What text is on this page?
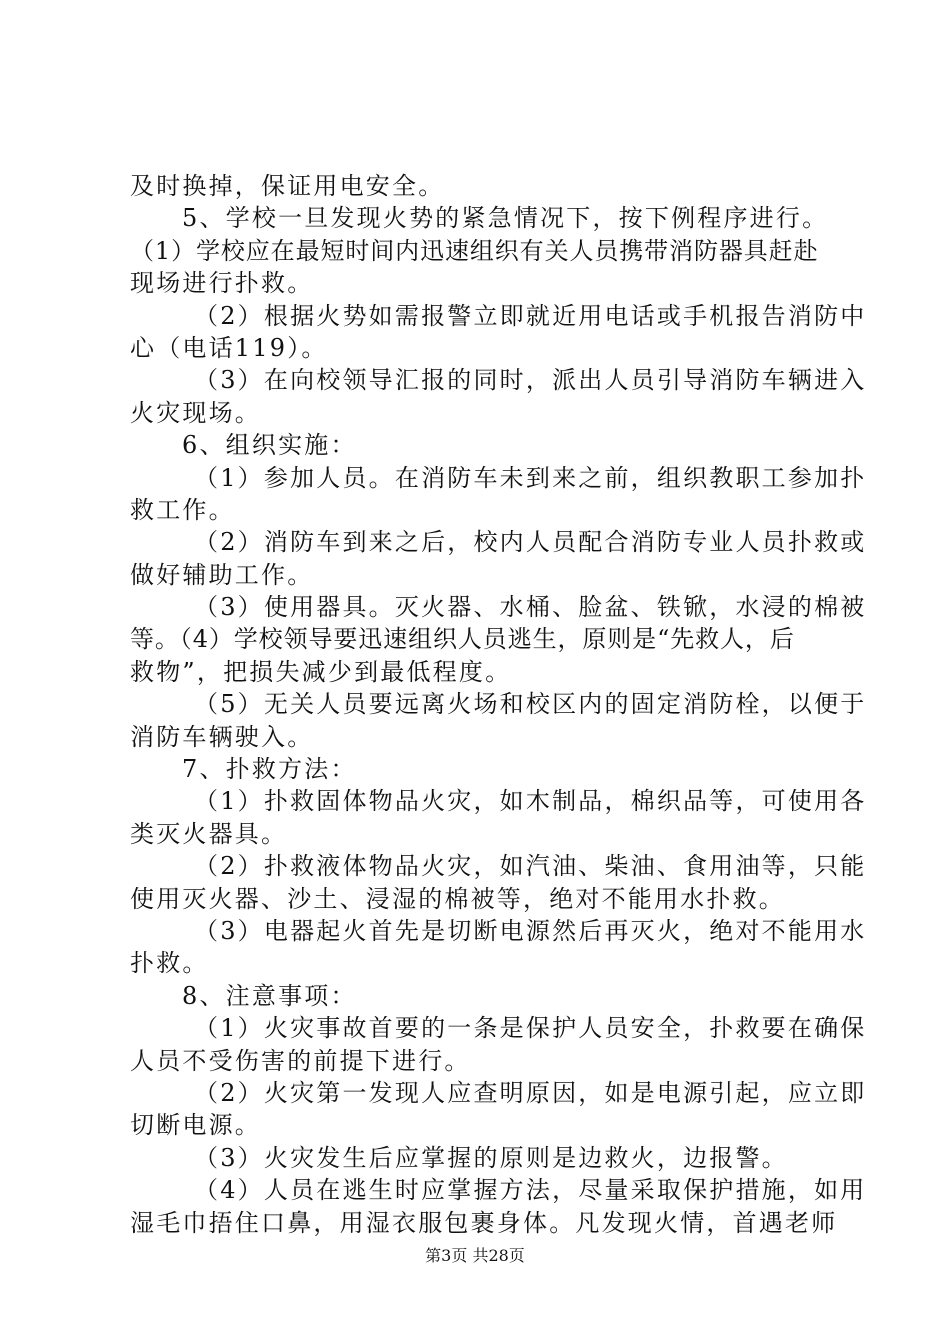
及时换掉，保证用电安全。
5、学校一旦发现火势的紧急情况下，按下例程序进行。
（1）学校应在最短时间内迅速组织有关人员携带消防器具赶赴
现场进行扑救。
（2）根据火势如需报警立即就近用电话或手机报告消防中
心（电话119）。
（3）在向校领导汇报的同时，派出人员引导消防车辆进入
火灾现场。
6、组织实施：
（1）参加人员。在消防车未到来之前，组织教职工参加扑
救工作。
（2）消防车到来之后，校内人员配合消防专业人员扑救或
做好辅助工作。
（3）使用器具。灭火器、水桶、脸盆、铁锨，水浸的棉被
等。（4）学校领导要迅速组织人员逃生，原则是“先救人，后
救物”，把损失减少到最低程度。
（5）无关人员要远离火场和校区内的固定消防栓，以便于
消防车辆驶入。
7、扑救方法：
（1）扑救固体物品火灾，如木制品，棉织品等，可使用各
类灭火器具。
（2）扑救液体物品火灾，如汽油、柴油、食用油等，只能
使用灭火器、沙土、浸湿的棉被等，绝对不能用水扑救。
（3）电器起火首先是切断电源然后再灭火，绝对不能用水
扑救。
8、注意事项：
（1）火灾事故首要的一条是保护人员安全，扑救要在确保
人员不受伤害的前提下进行。
（2）火灾第一发现人应查明原因，如是电源引起，应立即
切断电源。
（3）火灾发生后应掌握的原则是边救火，边报警。
（4）人员在逃生时应掌握方法，尽量采取保护措施，如用
湿毛巾捂住口鼻，用湿衣服包裹身体。凡发现火情，首遇老师
第3页 共28页
